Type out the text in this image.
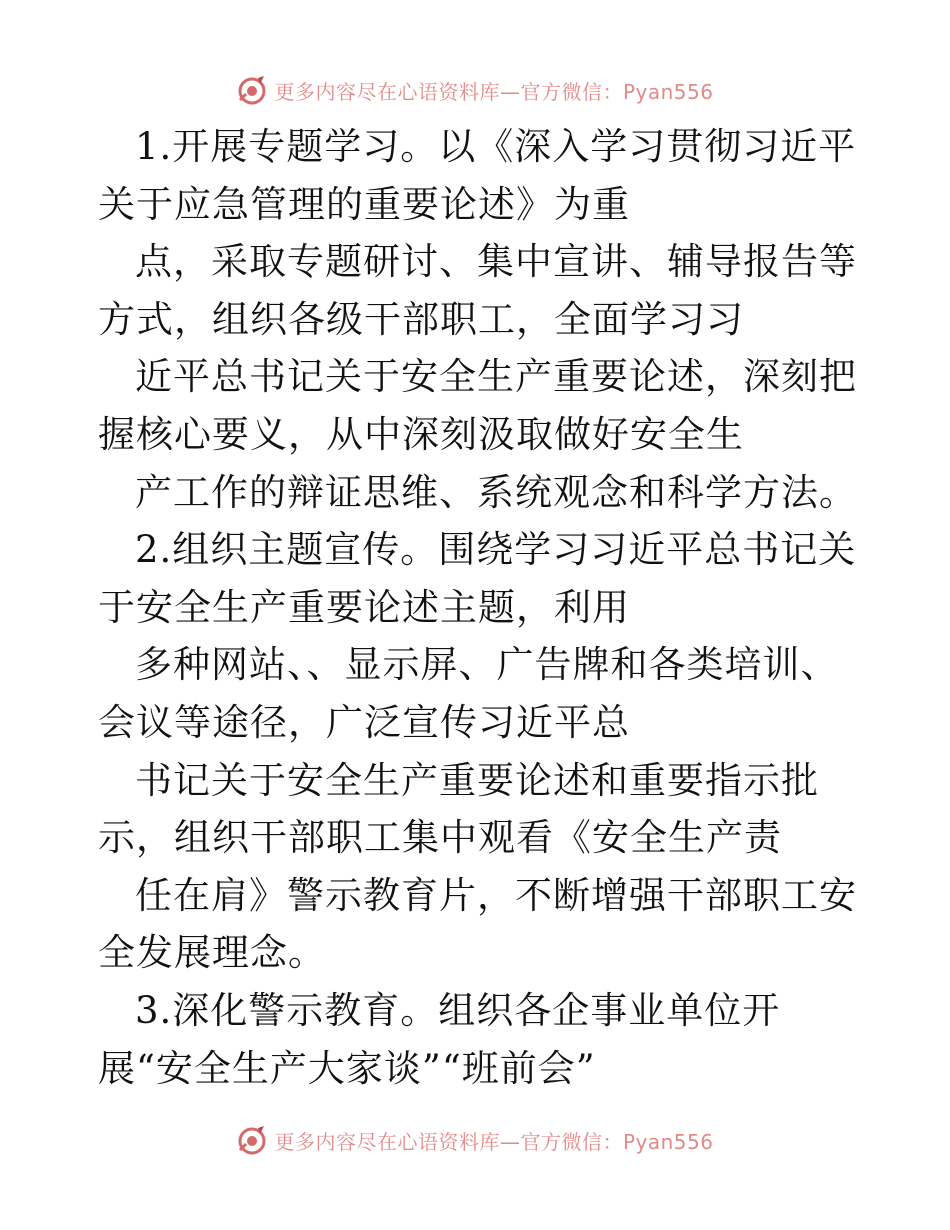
更多内容尽在心语资料库—官方微信：Pyan556

1.开展专题学习。以《深入学习贯彻习近平关于应急管理的重要论述》为重

点，采取专题研讨、集中宣讲、辅导报告等方式，组织各级干部职工，全面学习习

近平总书记关于安全生产重要论述，深刻把握核心要义，从中深刻汲取做好安全生

产工作的辩证思维、系统观念和科学方法。

2.组织主题宣传。围绕学习习近平总书记关于安全生产重要论述主题，利用

多种网站、、显示屏、广告牌和各类培训、会议等途径，广泛宣传习近平总

书记关于安全生产重要论述和重要指示批示，组织干部职工集中观看《安全生产责

任在肩》警示教育片，不断增强干部职工安全发展理念。

3.深化警示教育。组织各企事业单位开展“安全生产大家谈”“班前会”

更多内容尽在心语资料库—官方微信：Pyan556
